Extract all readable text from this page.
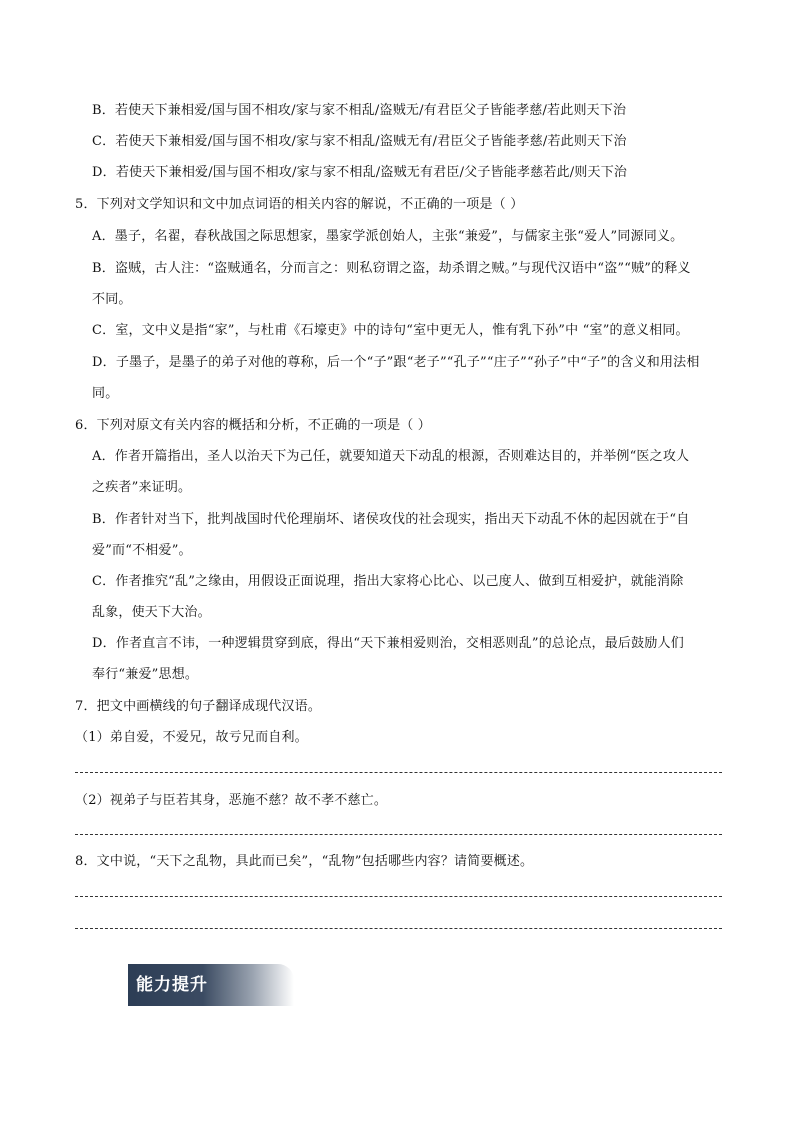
B．若使天下兼相爱/国与国不相攻/家与家不相乱/盗贼无/有君臣父子皆能孝慈/若此则天下治
C．若使天下兼相爱/国与国不相攻/家与家不相乱/盗贼无有/君臣父子皆能孝慈/若此则天下治
D．若使天下兼相爱/国与国不相攻/家与家不相乱/盗贼无有君臣/父子皆能孝慈若此/则天下治
5．下列对文学知识和文中加点词语的相关内容的解说，不正确的一项是（ ）
A．墨子，名翟，春秋战国之际思想家，墨家学派创始人，主张“兼爱”，与儒家主张“爱人”同源同义。
B．盗贼，古人注：“盗贼通名，分而言之：则私窃谓之盗，劫杀谓之贼。”与现代汉语中“盗”“贼”的释义
不同。
C．室，文中义是指“家”，与杜甫《石壕吏》中的诗句“室中更无人，惟有乳下孙”中 “室”的意义相同。
D．子墨子，是墨子的弟子对他的尊称，后一个“子”跟“老子”“孔子”“庄子”“孙子”中“子”的含义和用法相
同。
6．下列对原文有关内容的概括和分析，不正确的一项是（ ）
A．作者开篇指出，圣人以治天下为己任，就要知道天下动乱的根源，否则难达目的，并举例“医之攻人
之疾者”来证明。
B．作者针对当下，批判战国时代伦理崩坏、诸侯攻伐的社会现实，指出天下动乱不休的起因就在于“自
爱”而“不相爱”。
C．作者推究“乱”之缘由，用假设正面说理，指出大家将心比心、以己度人、做到互相爱护，就能消除
乱象，使天下大治。
D．作者直言不讳，一种逻辑贯穿到底，得出“天下兼相爱则治，交相恶则乱”的总论点，最后鼓励人们
奉行“兼爱”思想。
7．把文中画横线的句子翻译成现代汉语。
（1）弟自爱，不爱兄，故亏兄而自利。
（2）视弟子与臣若其身，恶施不慈？故不孝不慈亡。
8．文中说，“天下之乱物，具此而已矣”，“乱物”包括哪些内容？请简要概述。
能力提升
